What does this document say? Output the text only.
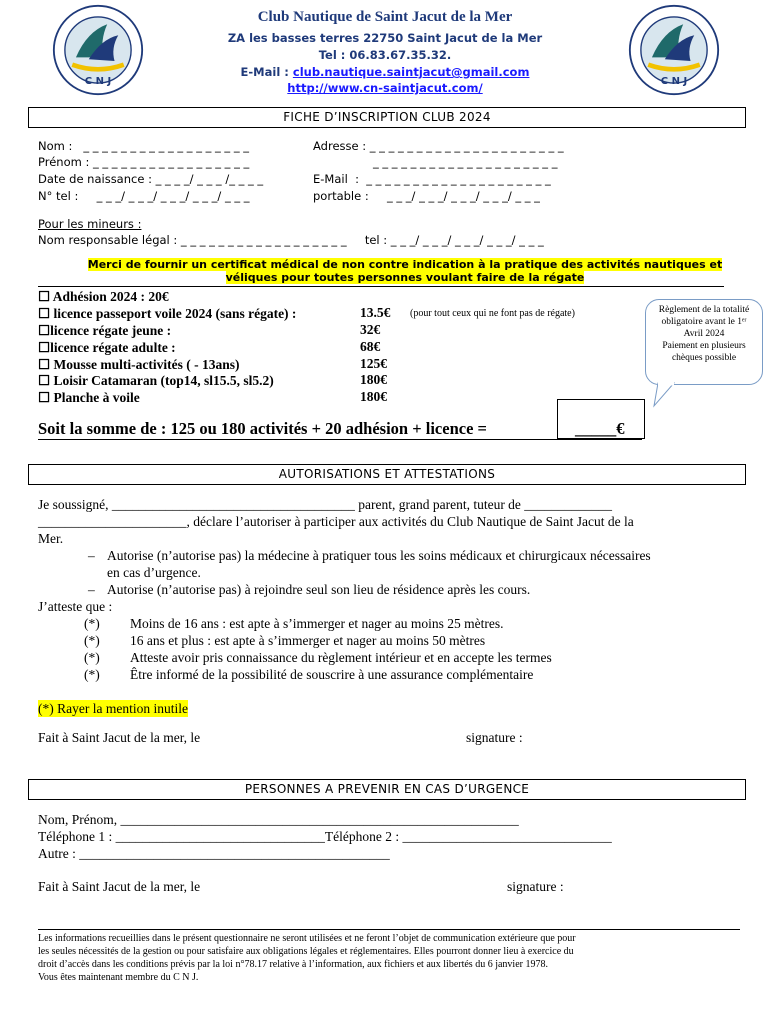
C N J	C N J
Club Nautique de Saint Jacut de la Mer
ZA les basses terres 22750 Saint Jacut de la Mer
Tel : 06.83.67.35.32.
E-Mail : club.nautique.saintjacut@gmail.com
http://www.cn-saintjacut.com/
FICHE D’INSCRIPTION CLUB 2024
Nom :   _ _ _ _ _ _ _ _ _ _ _ _ _ _ _ _ _ _
Prénom : _ _ _ _ _ _ _ _ _ _ _ _ _ _ _ _ _
Date de naissance : _ _ _ _/ _ _ _ /_ _ _ _
N° tel :     _ _ _/ _ _ _/ _ _ _/ _ _ _/ _ _ _
Adresse : _ _ _ _ _ _ _ _ _ _ _ _ _ _ _ _ _ _ _ _ _
_ _ _ _ _ _ _ _ _ _ _ _ _ _ _ _ _ _ _ _
E-Mail  :  _ _ _ _ _ _ _ _ _ _ _ _ _ _ _ _ _ _ _ _
portable :     _ _ _/ _ _ _/ _ _ _/ _ _ _/ _ _ _
Pour les mineurs :
Nom responsable légal : _ _ _ _ _ _ _ _ _ _ _ _ _ _ _ _ _ _     tel : _ _ _/ _ _ _/ _ _ _/ _ _ _/ _ _ _
Merci de fournir un certificat médical de non contre indication à la pratique des activités nautiques et
véliques pour toutes personnes voulant faire de la régate
☐ Adhésion 2024 : 20€
☐ licence passeport voile 2024 (sans régate) :	13.5€ (pour tout ceux qui ne font pas de régate)
☐licence régate jeune :	32€
☐licence régate adulte :	68€
☐ Mousse multi-activités ( - 13ans)	125€
☐ Loisir Catamaran (top14, sl15.5, sl5.2)	180€
☐ Planche à voile	180€
Règlement de la totalité
obligatoire avant le 1ᵉʳ
Avril 2024
Paiement en plusieurs
chèques possible
Soit la somme de : 125 ou 180 activités + 20 adhésion + licence =	_____€
AUTORISATIONS ET ATTESTATIONS
Je soussigné, ____________________________________ parent, grand parent, tuteur de _____________
______________________, déclare l’autoriser à participer aux activités du Club Nautique de Saint Jacut de la
Mer.
– Autorise (n’autorise pas) la médecine à pratiquer tous les soins médicaux et chirurgicaux nécessaires
en cas d’urgence.
– Autorise (n’autorise pas) à rejoindre seul son lieu de résidence après les cours.
J’atteste que :
(*) Moins de 16 ans : est apte à s’immerger et nager au moins 25 mètres.
(*) 16 ans et plus : est apte à s’immerger et nager au moins 50 mètres
(*) Atteste avoir pris connaissance du règlement intérieur et en accepte les termes
(*) Être informé de la possibilité de souscrire à une assurance complémentaire
(*) Rayer la mention inutile
Fait à Saint Jacut de la mer, le	signature :
PERSONNES A PREVENIR EN CAS D’URGENCE
Nom, Prénom, ___________________________________________________________
Téléphone 1 : _______________________________Téléphone 2 : _______________________________
Autre : ______________________________________________
Fait à Saint Jacut de la mer, le	signature :
Les informations recueillies dans le présent questionnaire ne seront utilisées et ne feront l’objet de communication extérieure que pour
les seules nécessités de la gestion ou pour satisfaire aux obligations légales et réglementaires. Elles pourront donner lieu à exercice du
droit d’accès dans les conditions prévis par la loi n°78.17 relative à l’information, aux fichiers et aux libertés du 6 janvier 1978.
Vous êtes maintenant membre du C N J.
